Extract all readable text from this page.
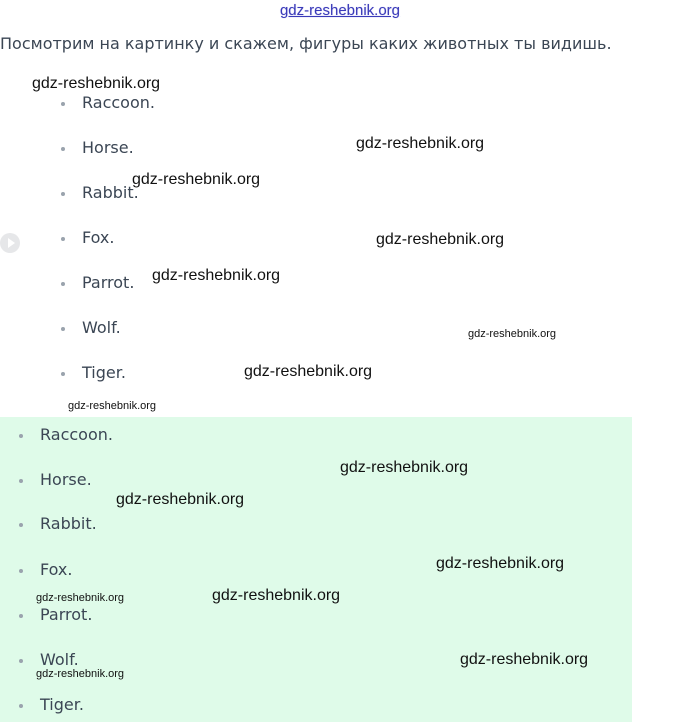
gdz-reshebnik.org
Посмотрим на картинку и скажем, фигуры каких животных ты видишь.
Raccoon.
Horse.
Rabbit.
Fox.
Parrot.
Wolf.
Tiger.
Raccoon.
Horse.
Rabbit.
Fox.
Parrot.
Wolf.
Tiger.
gdz-reshebnik.org
gdz-reshebnik.org
gdz-reshebnik.org
gdz-reshebnik.org
gdz-reshebnik.org
gdz-reshebnik.org
gdz-reshebnik.org
gdz-reshebnik.org
gdz-reshebnik.org
gdz-reshebnik.org
gdz-reshebnik.org
gdz-reshebnik.org	gdz-reshebnik.org
gdz-reshebnik.org
gdz-reshebnik.org
